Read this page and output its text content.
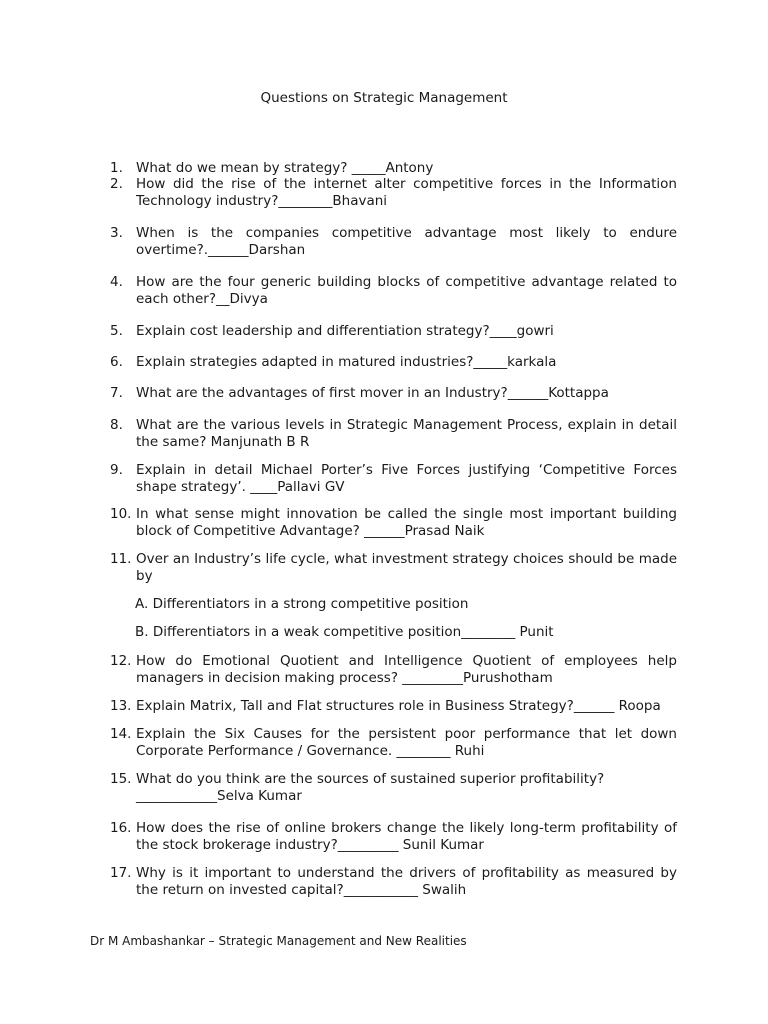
Questions on Strategic Management
1. What do we mean by strategy? _____Antony
2. How did the rise of the internet alter competitive forces in the Information Technology industry?________Bhavani
3. When is the companies competitive advantage most likely to endure overtime?.______Darshan
4. How are the four generic building blocks of competitive advantage related to each other?__Divya
5. Explain cost leadership and differentiation strategy?____gowri
6. Explain strategies adapted in matured industries?_____karkala
7. What are the advantages of first mover in an Industry?______Kottappa
8. What are the various levels in Strategic Management Process, explain in detail the same? Manjunath B R
9. Explain in detail Michael Porter’s Five Forces justifying ‘Competitive Forces shape strategy’. ____Pallavi GV
10. In what sense might innovation be called the single most important building block of Competitive Advantage? ______Prasad Naik
11. Over an Industry’s life cycle, what investment strategy choices should be made by
A. Differentiators in a strong competitive position
B. Differentiators in a weak competitive position________ Punit
12. How do Emotional Quotient and Intelligence Quotient of employees help managers in decision making process? _________Purushotham
13. Explain Matrix, Tall and Flat structures role in Business Strategy?______ Roopa
14. Explain the Six Causes for the persistent poor performance that let down Corporate Performance / Governance. ________ Ruhi
15. What do you think are the sources of sustained superior profitability? ____________Selva Kumar
16. How does the rise of online brokers change the likely long-term profitability of the stock brokerage industry?_________ Sunil Kumar
17. Why is it important to understand the drivers of profitability as measured by the return on invested capital?___________ Swalih
Dr M Ambashankar – Strategic Management and New Realities
